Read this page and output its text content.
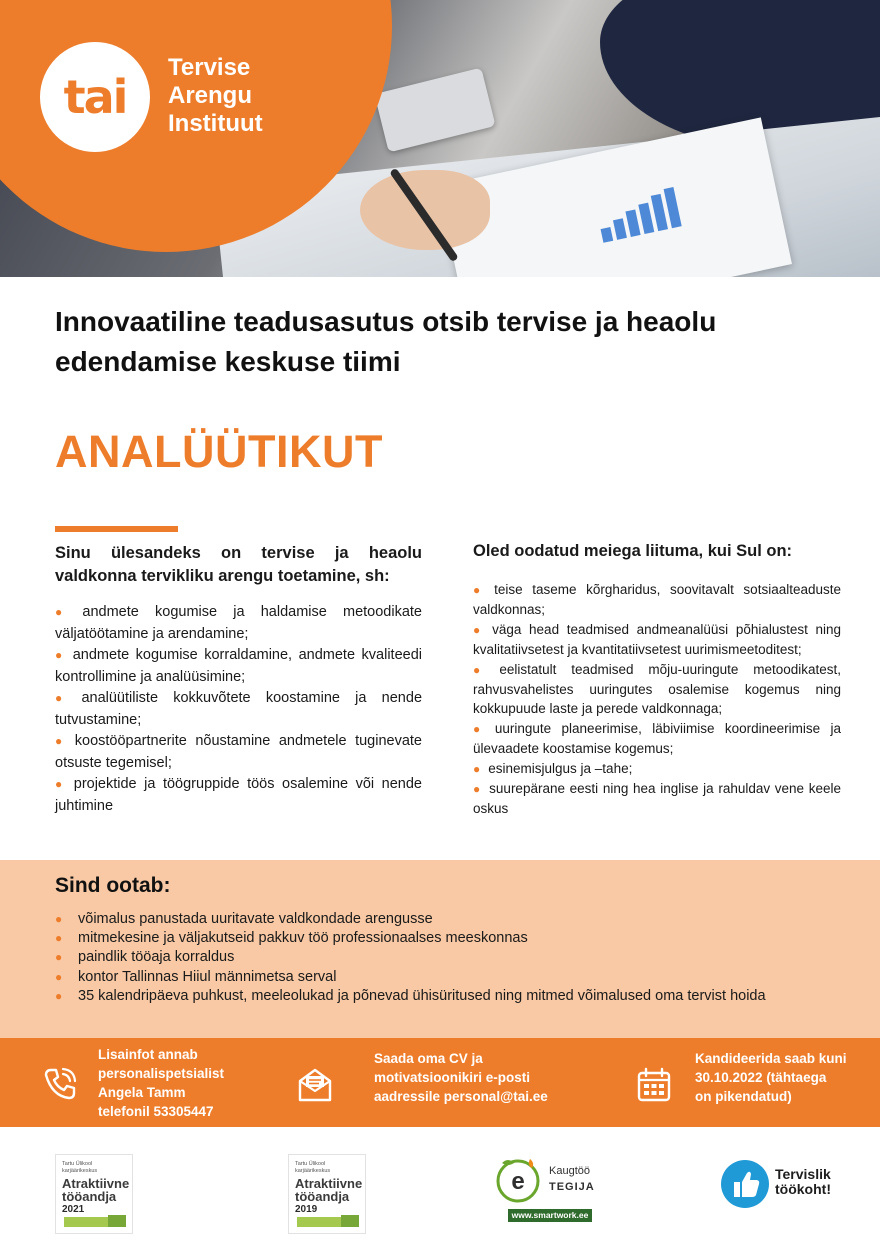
tai
Tervise
Arengu
Instituut
Innovaatiline teadusasutus otsib tervise ja heaolu edendamise keskuse tiimi
ANALÜÜTIKUT
Sinu ülesandeks on tervise ja heaolu valdkonna tervikliku arengu toetamine, sh:
● andmete kogumise ja haldamise metoodikate väljatöötamine ja arendamine;
● andmete kogumise korraldamine, andmete kvaliteedi kontrollimine ja analüüsimine;
● analüütiliste kokkuvõtete koostamine ja nende tutvustamine;
● koostööpartnerite nõustamine andmetele tuginevate otsuste tegemisel;
● projektide ja töögruppide töös osalemine või nende juhtimine
Oled oodatud meiega liituma, kui Sul on:
● teise taseme kõrgharidus, soovitavalt sotsiaalteaduste valdkonnas;
● väga head teadmised andmeanalüüsi põhialustest ning kvalitatiivsetest ja kvantitatiivsetest uurimismeetoditest;
● eelistatult teadmised mõju-uuringute metoodikatest, rahvusvahelistes uuringutes osalemise kogemus ning kokkupuude laste ja perede valdkonnaga;
● uuringute planeerimise, läbiviimise koordineerimise ja ülevaadete koostamise kogemus;
● esinemisjulgus ja –tahe;
● suurepärane eesti ning hea inglise ja rahuldav vene keele oskus
Sind ootab:
● võimalus panustada uuritavate valdkondade arengusse
● mitmekesine ja väljakutseid pakkuv töö professionaalses meeskonnas
● paindlik tööaja korraldus
● kontor Tallinnas Hiiul männimetsa serval
● 35 kalendripäeva puhkust, meeleolukad ja põnevad ühisüritused ning mitmed võimalused oma tervist hoida
Lisainfot annab
personalispetsialist
Angela Tamm
telefonil 53305447
Saada oma CV ja
motivatsioonikiri e-posti
aadressile personal@tai.ee
Kandideerida saab kuni
30.10.2022 (tähtaega
on pikendatud)
Tartu Ülikool karjäärikeskus
Atraktiivne
tööandja
2021
Tartu Ülikool karjäärikeskus
Atraktiivne
tööandja
2019
e Kaugtöö
TEGIJA
www.smartwork.ee
Tervislik
töökoht!
